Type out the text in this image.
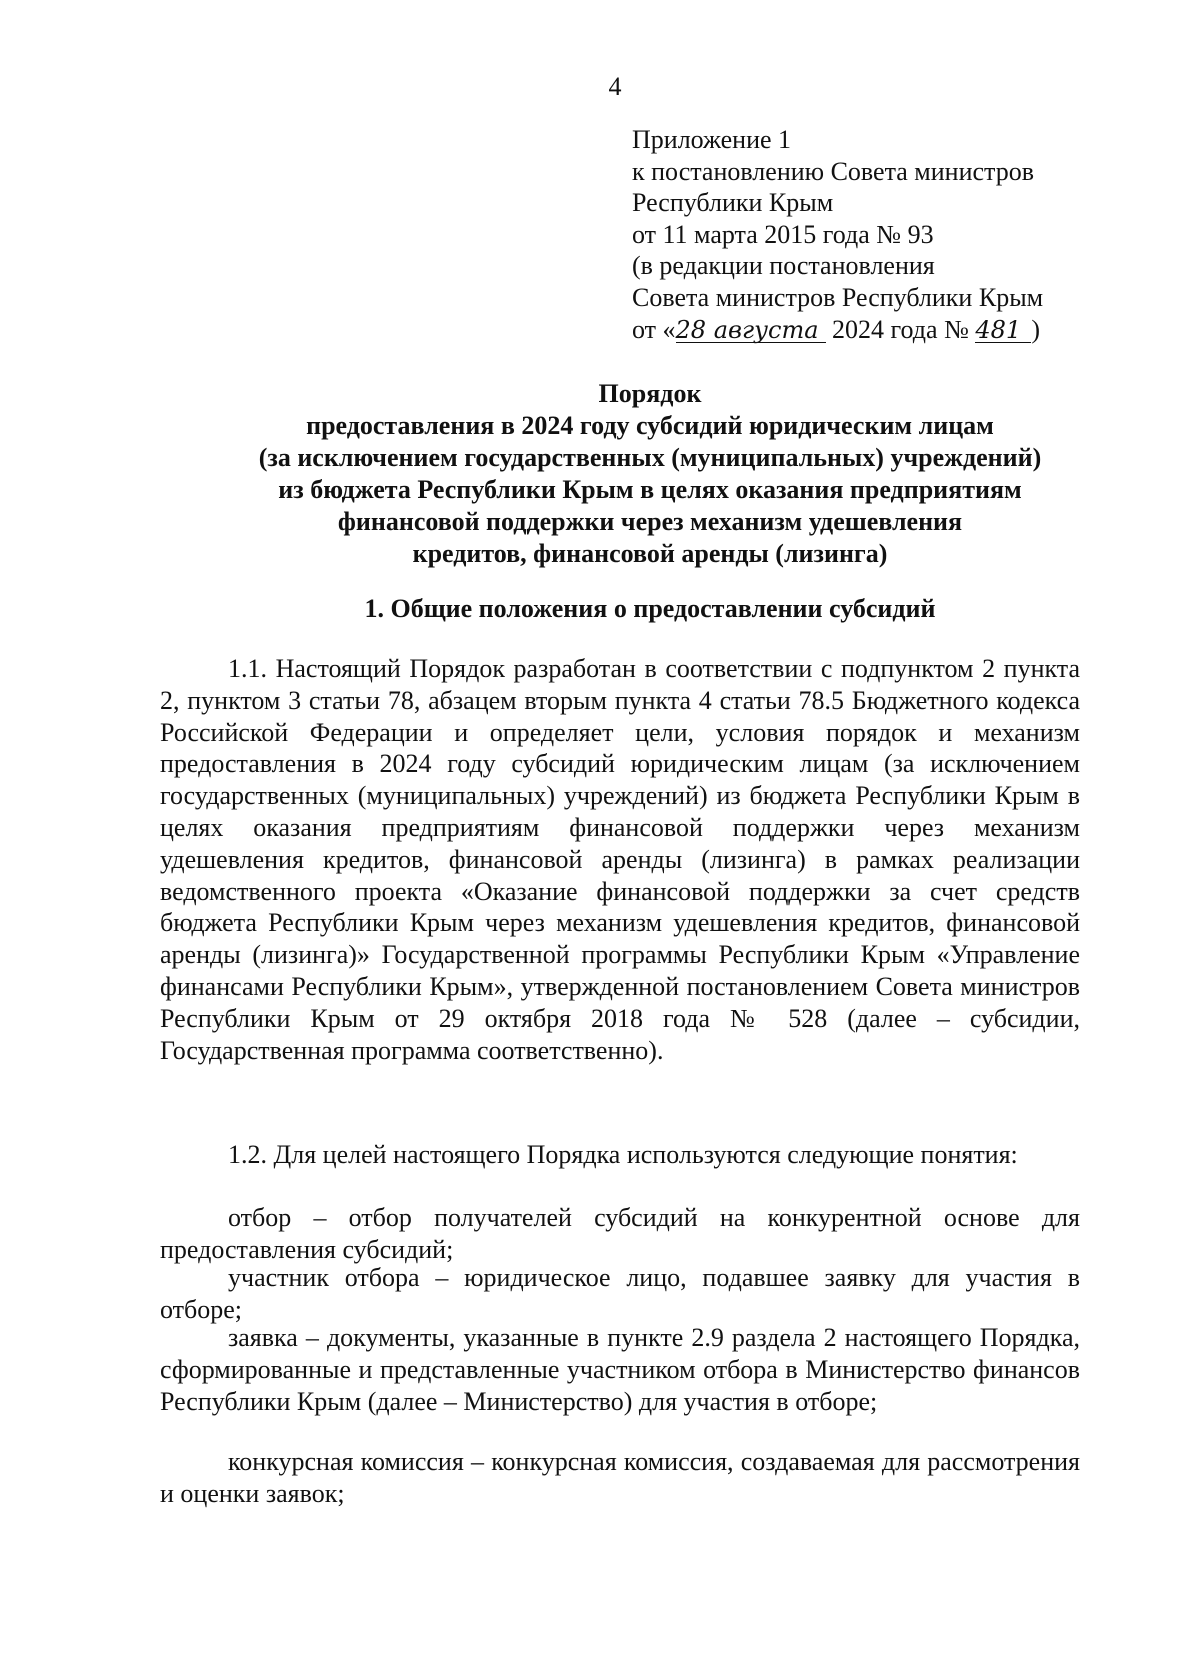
4
Приложение 1
к постановлению Совета министров
Республики Крым
от 11 марта 2015 года № 93
(в редакции постановления
Совета министров Республики Крым
от «28 августа 2024 года № 481 )
Порядок
предоставления в 2024 году субсидий юридическим лицам
(за исключением государственных (муниципальных) учреждений)
из бюджета Республики Крым в целях оказания предприятиям
финансовой поддержки через механизм удешевления
кредитов, финансовой аренды (лизинга)
1. Общие положения о предоставлении субсидий
1.1. Настоящий Порядок разработан в соответствии с подпунктом 2 пункта 2, пунктом 3 статьи 78, абзацем вторым пункта 4 статьи 78.5 Бюджетного кодекса Российской Федерации и определяет цели, условия порядок и механизм предоставления в 2024 году субсидий юридическим лицам (за исключением государственных (муниципальных) учреждений) из бюджета Республики Крым в целях оказания предприятиям финансовой поддержки через механизм удешевления кредитов, финансовой аренды (лизинга) в рамках реализации ведомственного проекта «Оказание финансовой поддержки за счет средств бюджета Республики Крым через механизм удешевления кредитов, финансовой аренды (лизинга)» Государственной программы Республики Крым «Управление финансами Республики Крым», утвержденной постановлением Совета министров Республики Крым от 29 октября 2018 года № 528 (далее – субсидии, Государственная программа соответственно).
1.2. Для целей настоящего Порядка используются следующие понятия:
отбор – отбор получателей субсидий на конкурентной основе для предоставления субсидий;
участник отбора – юридическое лицо, подавшее заявку для участия в отборе;
заявка – документы, указанные в пункте 2.9 раздела 2 настоящего Порядка, сформированные и представленные участником отбора в Министерство финансов Республики Крым (далее – Министерство) для участия в отборе;
конкурсная комиссия – конкурсная комиссия, создаваемая для рассмотрения и оценки заявок;
